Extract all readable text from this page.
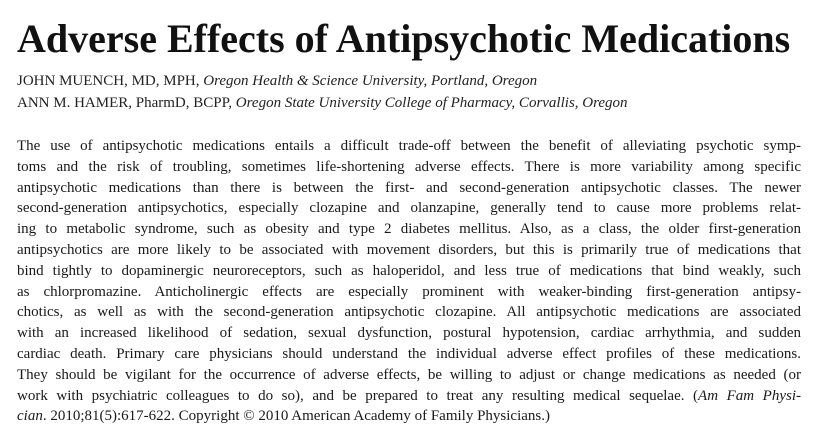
Adverse Effects of Antipsychotic Medications
JOHN MUENCH, MD, MPH, Oregon Health & Science University, Portland, Oregon
ANN M. HAMER, PharmD, BCPP, Oregon State University College of Pharmacy, Corvallis, Oregon
The use of antipsychotic medications entails a difficult trade-off between the benefit of alleviating psychotic symp-
toms and the risk of troubling, sometimes life-shortening adverse effects. There is more variability among specific
antipsychotic medications than there is between the first- and second-generation antipsychotic classes. The newer
second-generation antipsychotics, especially clozapine and olanzapine, generally tend to cause more problems relat-
ing to metabolic syndrome, such as obesity and type 2 diabetes mellitus. Also, as a class, the older first-generation
antipsychotics are more likely to be associated with movement disorders, but this is primarily true of medications that
bind tightly to dopaminergic neuroreceptors, such as haloperidol, and less true of medications that bind weakly, such
as chlorpromazine. Anticholinergic effects are especially prominent with weaker-binding first-generation antipsy-
chotics, as well as with the second-generation antipsychotic clozapine. All antipsychotic medications are associated
with an increased likelihood of sedation, sexual dysfunction, postural hypotension, cardiac arrhythmia, and sudden
cardiac death. Primary care physicians should understand the individual adverse effect profiles of these medications.
They should be vigilant for the occurrence of adverse effects, be willing to adjust or change medications as needed (or
work with psychiatric colleagues to do so), and be prepared to treat any resulting medical sequelae. (Am Fam Physi-
cian. 2010;81(5):617-622. Copyright © 2010 American Academy of Family Physicians.)
